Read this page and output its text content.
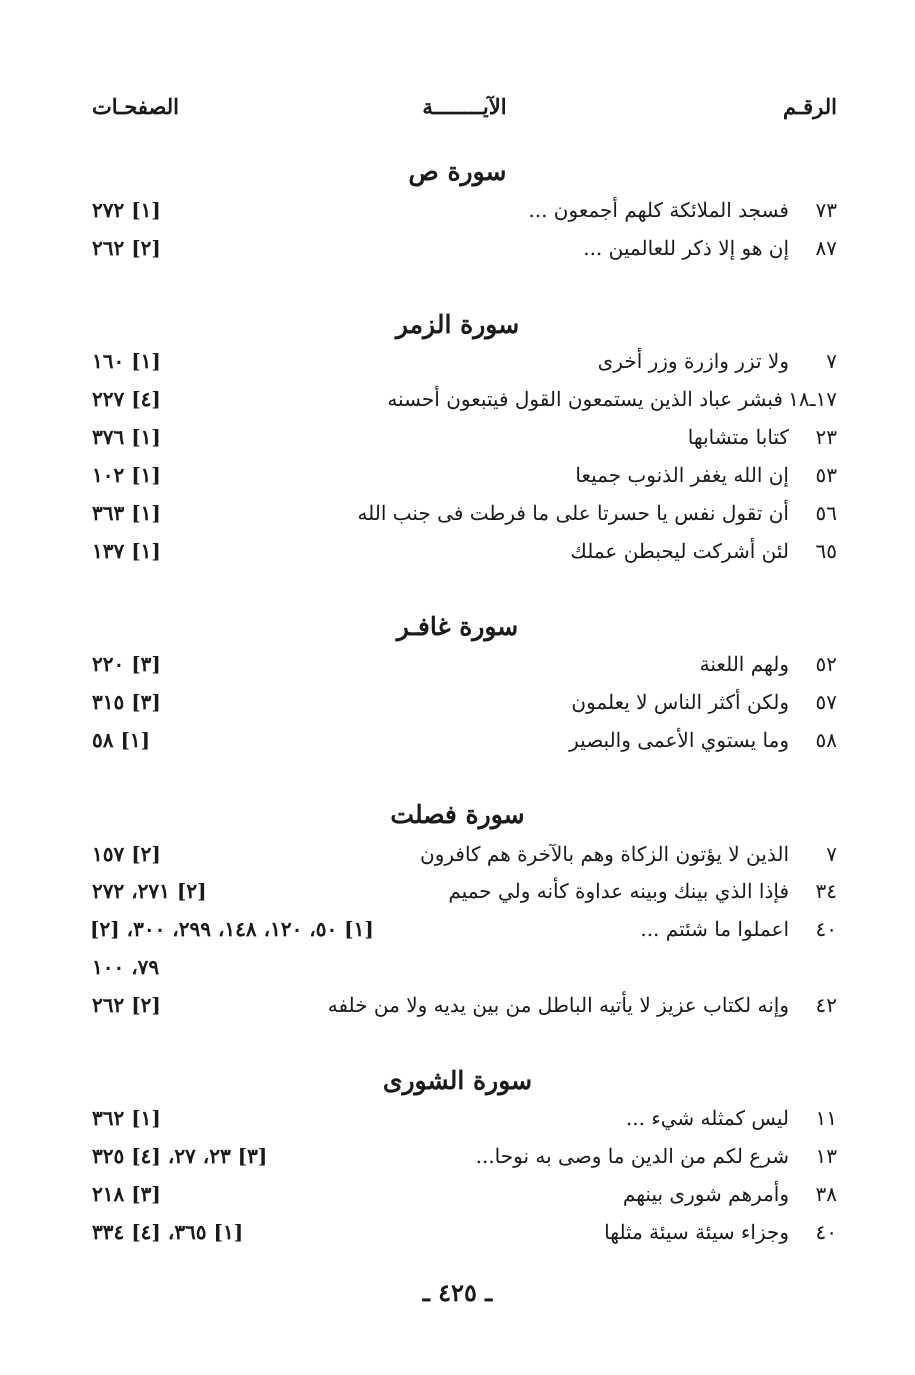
الرقـم
الآيــــــــة
الصفحـات
سورة ص
٧٣
فسجد الملائكة كلهم أجمعون ...
[١] ٢٧٢
٨٧
إن هو إلا ذكر للعالمين ...
[٢] ٢٦٢
سورة الزمر
٧
ولا تزر وازرة وزر أخرى
[١] ١٦٠
١٧ـ١٨
فبشر عباد الذين يستمعون القول فيتبعون أحسنه
[٤] ٢٢٧
٢٣
كتابا متشابها
[١] ٣٧٦
٥٣
إن الله يغفر الذنوب جميعا
[١] ١٠٢
٥٦
أن تقول نفس يا حسرتا على ما فرطت فى جنب الله
[١] ٣٦٣
٦٥
لئن أشركت ليحبطن عملك
[١] ١٣٧
سورة غافـر
٥٢
ولهم اللعنة
[٣] ٢٢٠
٥٧
ولكن أكثر الناس لا يعلمون
[٣] ٣١٥
٥٨
وما يستوي الأعمى والبصير
[١] ٥٨
سورة فصلت
٧
الذين لا يؤتون الزكاة وهم بالآخرة هم كافرون
[٢] ١٥٧
٣٤
فإذا الذي بينك وبينه عداوة كأنه ولي حميم
[٢] ٢٧١، ٢٧٢
٤٠
اعملوا ما شئتم ...
[١] ٥٠، ١٢٠، ١٤٨، ٢٩٩، ٣٠٠، [٢]
٧٩، ١٠٠
٤٢
وإنه لكتاب عزيز لا يأتيه الباطل من بين يديه ولا من خلفه
[٢] ٢٦٢
سورة الشورى
١١
ليس كمثله شيء ...
[١] ٣٦٢
١٣
شرع لكم من الدين ما وصى به نوحا...
[٣] ٢٣، ٢٧، [٤] ٣٢٥
٣٨
وأمرهم شورى بينهم
[٣] ٢١٨
٤٠
وجزاء سيئة سيئة مثلها
[١] ٣٦٥، [٤] ٣٣٤
ـ ٤٢٥ ـ
